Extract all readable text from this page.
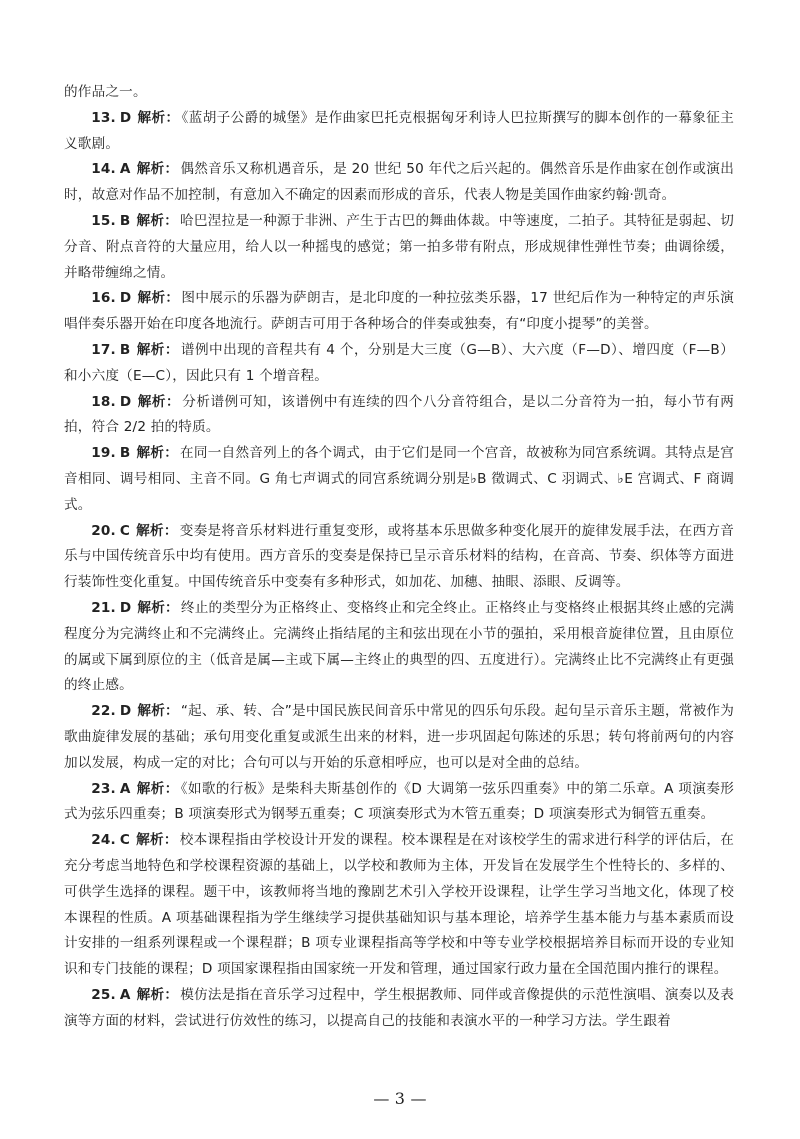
的作品之一。

13. D 解析： 《蓝胡子公爵的城堡》是作曲家巴托克根据匈牙利诗人巴拉斯撰写的脚本创作的一幕象征主义歌剧。

14. A 解析： 偶然音乐又称机遇音乐，是 20 世纪 50 年代之后兴起的。偶然音乐是作曲家在创作或演出时，故意对作品不加控制，有意加入不确定的因素而形成的音乐，代表人物是美国作曲家约翰·凯奇。

15. B 解析： 哈巴涅拉是一种源于非洲、产生于古巴的舞曲体裁。中等速度，二拍子。其特征是弱起、切分音、附点音符的大量应用，给人以一种摇曳的感觉；第一拍多带有附点，形成规律性弹性节奏；曲调徐缓，并略带缠绵之情。

16. D 解析： 图中展示的乐器为萨朗吉，是北印度的一种拉弦类乐器，17 世纪后作为一种特定的声乐演唱伴奏乐器开始在印度各地流行。萨朗吉可用于各种场合的伴奏或独奏，有“印度小提琴”的美誉。

17. B 解析： 谱例中出现的音程共有 4 个，分别是大三度（G—B）、大六度（F—D）、增四度（F—B）和小六度（E—C），因此只有 1 个增音程。

18. D 解析： 分析谱例可知，该谱例中有连续的四个八分音符组合，是以二分音符为一拍，每小节有两拍，符合 2/2 拍的特质。

19. B 解析： 在同一自然音列上的各个调式，由于它们是同一个宫音，故被称为同宫系统调。其特点是宫音相同、调号相同、主音不同。G 角七声调式的同宫系统调分别是♭B 徵调式、C 羽调式、♭E 宫调式、F 商调式。

20. C 解析： 变奏是将音乐材料进行重复变形，或将基本乐思做多种变化展开的旋律发展手法，在西方音乐与中国传统音乐中均有使用。西方音乐的变奏是保持已呈示音乐材料的结构，在音高、节奏、织体等方面进行装饰性变化重复。中国传统音乐中变奏有多种形式，如加花、加穗、抽眼、添眼、反调等。

21. D 解析： 终止的类型分为正格终止、变格终止和完全终止。正格终止与变格终止根据其终止感的完满程度分为完满终止和不完满终止。完满终止指结尾的主和弦出现在小节的强拍，采用根音旋律位置，且由原位的属或下属到原位的主（低音是属—主或下属—主终止的典型的四、五度进行）。完满终止比不完满终止有更强的终止感。

22. D 解析： “起、承、转、合”是中国民族民间音乐中常见的四乐句乐段。起句呈示音乐主题，常被作为歌曲旋律发展的基础；承句用变化重复或派生出来的材料，进一步巩固起句陈述的乐思；转句将前两句的内容加以发展，构成一定的对比；合句可以与开始的乐意相呼应，也可以是对全曲的总结。

23. A 解析： 《如歌的行板》是柴科夫斯基创作的《D 大调第一弦乐四重奏》中的第二乐章。A 项演奏形式为弦乐四重奏；B 项演奏形式为钢琴五重奏；C 项演奏形式为木管五重奏；D 项演奏形式为铜管五重奏。

24. C 解析： 校本课程指由学校设计开发的课程。校本课程是在对该校学生的需求进行科学的评估后，在充分考虑当地特色和学校课程资源的基础上，以学校和教师为主体，开发旨在发展学生个性特长的、多样的、可供学生选择的课程。题干中，该教师将当地的豫剧艺术引入学校开设课程，让学生学习当地文化，体现了校本课程的性质。A 项基础课程指为学生继续学习提供基础知识与基本理论，培养学生基本能力与基本素质而设计安排的一组系列课程或一个课程群；B 项专业课程指高等学校和中等专业学校根据培养目标而开设的专业知识和专门技能的课程；D 项国家课程指由国家统一开发和管理，通过国家行政力量在全国范围内推行的课程。

25. A 解析： 模仿法是指在音乐学习过程中，学生根据教师、同伴或音像提供的示范性演唱、演奏以及表演等方面的材料，尝试进行仿效性的练习，以提高自己的技能和表演水平的一种学习方法。学生跟着

— 3 —
